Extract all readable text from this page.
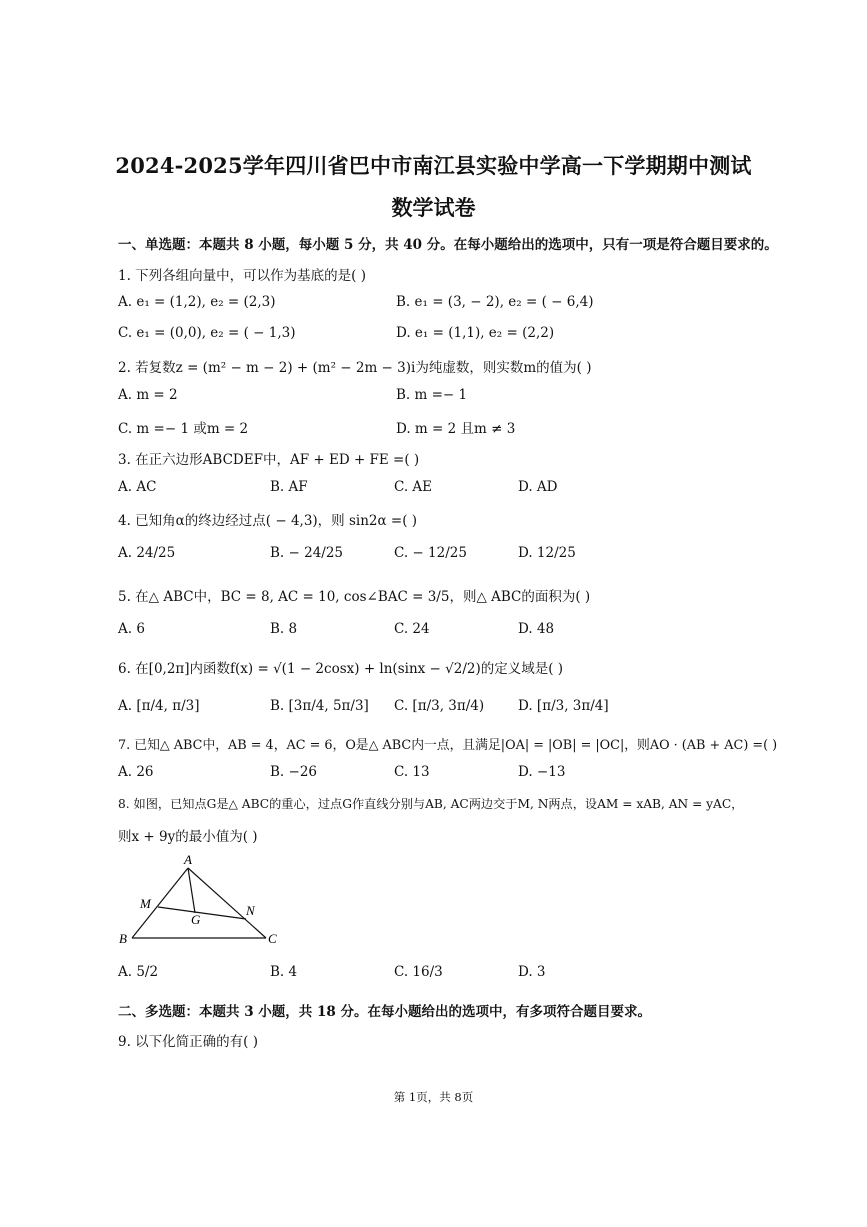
2024-2025学年四川省巴中市南江县实验中学高一下学期期中测试
数学试卷
一、单选题：本题共 8 小题，每小题 5 分，共 40 分。在每小题给出的选项中，只有一项是符合题目要求的。
1. 下列各组向量中，可以作为基底的是( )
A. e₁ = (1,2), e₂ = (2,3)	B. e₁ = (3, − 2), e₂ = ( − 6,4)
C. e₁ = (0,0), e₂ = ( − 1,3)	D. e₁ = (1,1), e₂ = (2,2)
2. 若复数z = (m² − m − 2) + (m² − 2m − 3)i为纯虚数，则实数m的值为( )
A. m = 2	B. m =− 1
C. m =− 1 或m = 2	D. m = 2 且m ≠ 3
3. 在正六边形ABCDEF中，AF + ED + FE =( )
A. AC	B. AF	C. AE	D. AD
4. 已知角α的终边经过点( − 4,3)，则 sin2α =( )
A. 24/25	B. − 24/25	C. − 12/25	D. 12/25
5. 在△ ABC中，BC = 8, AC = 10, cos∠BAC = 3/5，则△ ABC的面积为( )
A. 6	B. 8	C. 24	D. 48
6. 在[0,2π]内函数f(x) = √(1 − 2cosx) + ln(sinx − √2/2)的定义域是( )
A. [π/4, π/3]	B. [3π/4, 5π/3] C. [π/3, 3π/4)	D. [π/3, 3π/4]
7. 已知△ ABC中，AB = 4，AC = 6，O是△ ABC内一点，且满足|OA| = |OB| = |OC|，则AO · (AB + AC) =( )
A. 26	B. −26	C. 13	D. −13
8. 如图，已知点G是△ ABC的重心，过点G作直线分别与AB, AC两边交于M, N两点，设AM = xAB, AN = yAC，
则x + 9y的最小值为( )
A
B	C
M	N
G
A. 5/2	B. 4	C. 16/3	D. 3
二、多选题：本题共 3 小题，共 18 分。在每小题给出的选项中，有多项符合题目要求。
9. 以下化简正确的有( )
第 1页，共 8页
